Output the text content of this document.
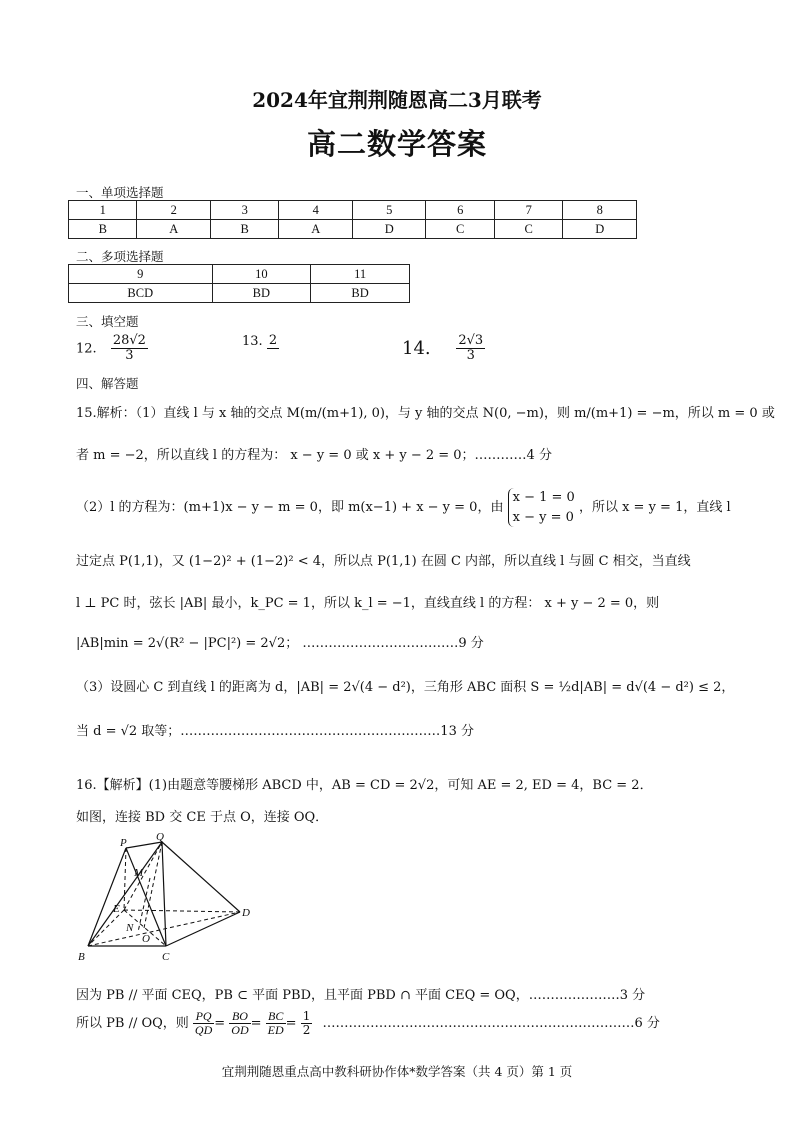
2024年宜荆荆随恩高二3月联考
高二数学答案
一、单项选择题
1	2	3	4	5	6	7	8
B	A	B	A	D	C	C	D
二、多项选择题
9	10	11
BCD	BD	BD
三、填空题
12. $\frac{28√2}{3}$	13. 2	14. $\frac{2√3}{3}$
四、解答题
15.解析：（1）直线 l 与 x 轴的交点 M(m/(m+1), 0)，与 y 轴的交点 N(0, −m)，则 m/(m+1) = −m，所以 m = 0 或
者 m = −2，所以直线 l 的方程为： x − y = 0 或 x + y − 2 = 0；…………4 分
（2）l 的方程为：(m+1)x − y − m = 0，即 m(x−1) + x − y = 0，由
x − 1 = 0
x − y = 0
，所以 x = y = 1，直线 l
过定点 P(1,1)，又 (1−2)² + (1−2)² < 4，所以点 P(1,1) 在圆 C 内部，所以直线 l 与圆 C 相交，当直线
l ⊥ PC 时，弦长 |AB| 最小，k_PC = 1，所以 k_l = −1，直线直线 l 的方程： x + y − 2 = 0，则
|AB|min = 2√(R² − |PC|²) = 2√2； ………………………………9 分
（3）设圆心 C 到直线 l 的距离为 d，|AB| = 2√(4 − d²)，三角形 ABC 面积 S = ½d|AB| = d√(4 − d²) ≤ 2，
当 d = √2 取等；……………………………………………………13 分
16.【解析】(1)由题意等腰梯形 ABCD 中，AB = CD = 2√2，可知 AE = 2, ED = 4，BC = 2．
如图，连接 BD 交 CE 于点 O，连接 OQ．
P	Q
M
E
N
O
D
B	C
因为 PB // 平面 CEQ，PB ⊂ 平面 PBD，且平面 PBD ∩ 平面 CEQ = OQ，…………………3 分
所以 PB // OQ，则 $\frac{PQ}{QD} = \frac{BO}{OD} = \frac{BC}{ED} = \frac{1}{2}$ ………………………………………………………………6 分
宜荆荆随恩重点高中教科研协作体*数学答案（共 4 页）第 1 页
